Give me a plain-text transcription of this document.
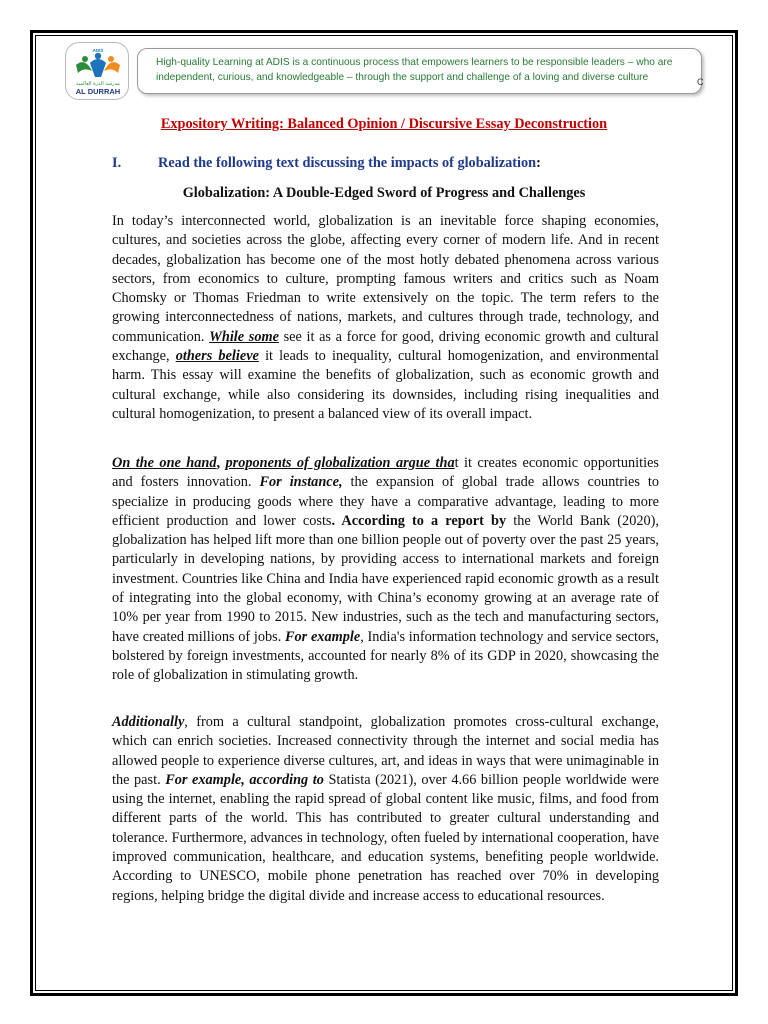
ADIS
مدرسة الدرة العالمية
AL DURRAH
High-quality Learning at ADIS is a continuous process that empowers learners to be responsible leaders – who are independent, curious, and knowledgeable – through the support and challenge of a loving and diverse culture	C
Expository Writing: Balanced Opinion / Discursive Essay Deconstruction
I.	Read the following text discussing the impacts of globalization:
Globalization: A Double-Edged Sword of Progress and Challenges

In today’s interconnected world, globalization is an inevitable force shaping economies, cultures, and societies across the globe, affecting every corner of modern life. And in recent decades, globalization has become one of the most hotly debated phenomena across various sectors, from economics to culture, prompting famous writers and critics such as Noam Chomsky or Thomas Friedman to write extensively on the topic. The term refers to the growing interconnectedness of nations, markets, and cultures through trade, technology, and communication. While some see it as a force for good, driving economic growth and cultural exchange, others believe it leads to inequality, cultural homogenization, and environmental harm. This essay will examine the benefits of globalization, such as economic growth and cultural exchange, while also considering its downsides, including rising inequalities and cultural homogenization, to present a balanced view of its overall impact.

On the one hand, proponents of globalization argue that it creates economic opportunities and fosters innovation. For instance, the expansion of global trade allows countries to specialize in producing goods where they have a comparative advantage, leading to more efficient production and lower costs. According to a report by the World Bank (2020), globalization has helped lift more than one billion people out of poverty over the past 25 years, particularly in developing nations, by providing access to international markets and foreign investment. Countries like China and India have experienced rapid economic growth as a result of integrating into the global economy, with China’s economy growing at an average rate of 10% per year from 1990 to 2015. New industries, such as the tech and manufacturing sectors, have created millions of jobs. For example, India's information technology and service sectors, bolstered by foreign investments, accounted for nearly 8% of its GDP in 2020, showcasing the role of globalization in stimulating growth.

Additionally, from a cultural standpoint, globalization promotes cross-cultural exchange, which can enrich societies. Increased connectivity through the internet and social media has allowed people to experience diverse cultures, art, and ideas in ways that were unimaginable in the past. For example, according to Statista (2021), over 4.66 billion people worldwide were using the internet, enabling the rapid spread of global content like music, films, and food from different parts of the world. This has contributed to greater cultural understanding and tolerance. Furthermore, advances in technology, often fueled by international cooperation, have improved communication, healthcare, and education systems, benefiting people worldwide. According to UNESCO, mobile phone penetration has reached over 70% in developing regions, helping bridge the digital divide and increase access to educational resources.
